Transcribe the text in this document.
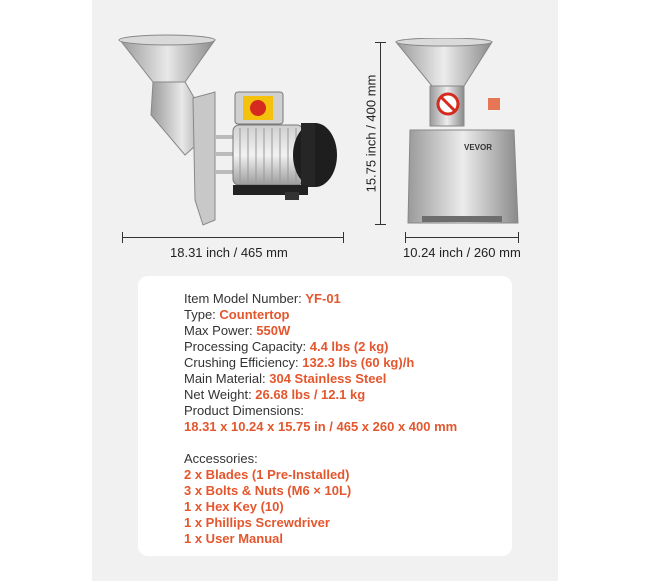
18.31 inch / 465 mm
15.75 inch / 400 mm	VEVOR
10.24 inch / 260 mm
Item Model Number: YF-01
Type: Countertop
Max Power: 550W
Processing Capacity: 4.4 lbs (2 kg)
Crushing Efficiency: 132.3 lbs (60 kg)/h
Main Material: 304 Stainless Steel
Net Weight: 26.68 lbs / 12.1 kg
Product Dimensions:
18.31 x 10.24 x 15.75 in / 465 x 260 x 400 mm
Accessories:
2 x Blades (1 Pre-Installed)
3 x Bolts & Nuts (M6 × 10L)
1 x Hex Key (10)
1 x Phillips Screwdriver
1 x User Manual
